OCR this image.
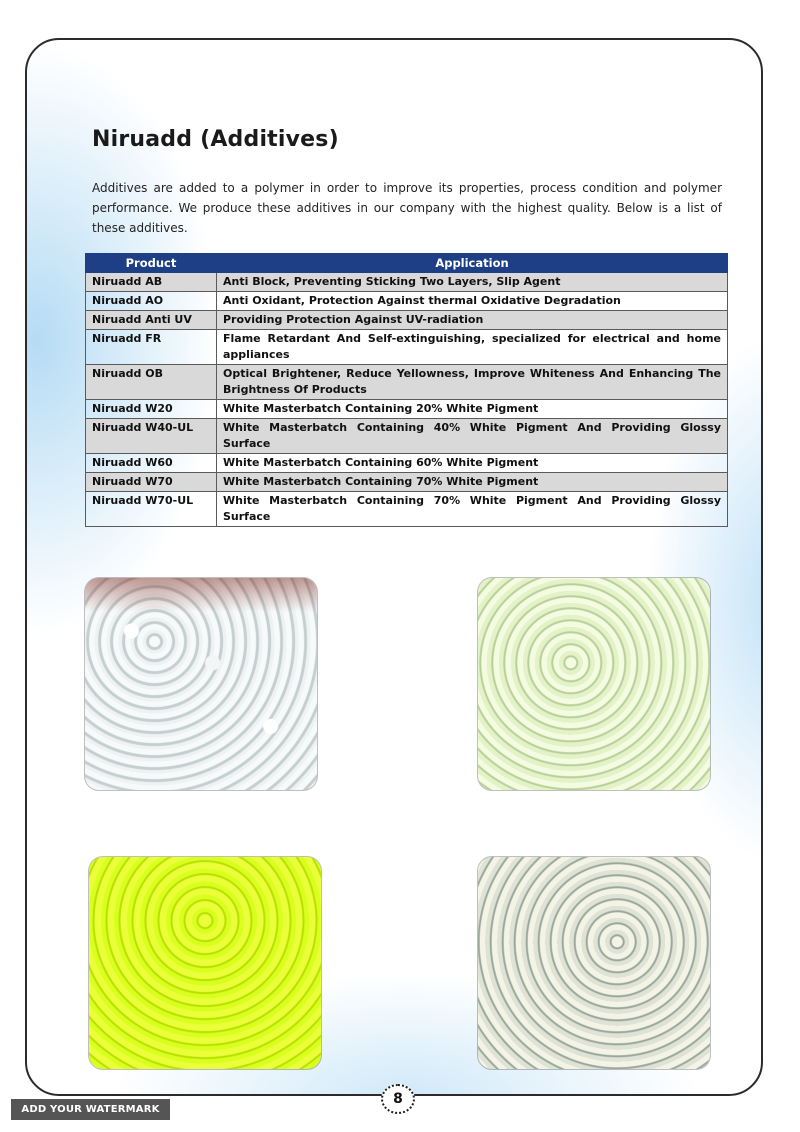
Niruadd (Additives)

Additives are added to a polymer in order to improve its properties, process condition and polymer performance. We produce these additives in our company with the highest quality. Below is a list of these additives.

Product	Application
Niruadd AB	Anti Block, Preventing Sticking Two Layers, Slip Agent
Niruadd AO	Anti Oxidant, Protection Against thermal Oxidative Degradation
Niruadd Anti UV	Providing Protection Against UV-radiation
Niruadd FR	Flame Retardant And Self-extinguishing, specialized for electrical and home appliances
Niruadd OB	Optical Brightener, Reduce Yellowness, Improve Whiteness And Enhancing The Brightness Of Products
Niruadd W20	White Masterbatch Containing 20% White Pigment
Niruadd W40-UL	White Masterbatch Containing 40% White Pigment And Providing Glossy Surface
Niruadd W60	White Masterbatch Containing 60% White Pigment
Niruadd W70	White Masterbatch Containing 70% White Pigment
Niruadd W70-UL	White Masterbatch Containing 70% White Pigment And Providing Glossy Surface
8
ADD YOUR WATERMARK
